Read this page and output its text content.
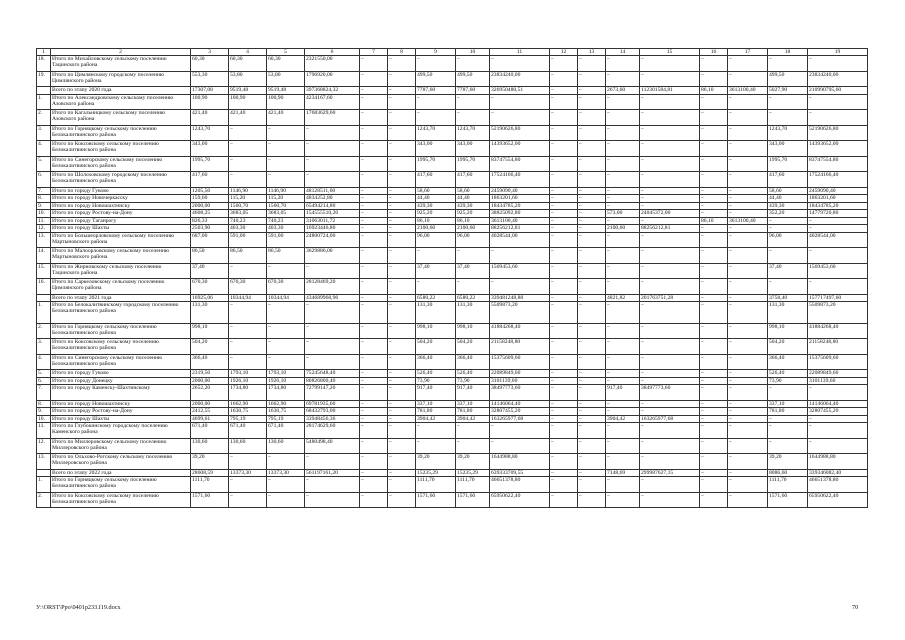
1	2	3	4	5	6	7	8	9	10	11	12	13	14	15	16	17	18	19
18.	Итого по Михайловскому сельскому поселению Тацинского района	60,30	60,30	60,30	2321550,00	–	–	–	–	–	–	–	–	–	–	–	–	–
19.	Итого по Цимлянскому городскому поселению Цимлянского района	553,30	53,80	53,80	1796920,00	–	–	499,50	499,50	23834240,00	–	–	–	–	–	–	499,50	23834240,00
	Всего по этапу 2020 года	17307,08	9519,48	9519,48	397368824,32	–	–	7787,60	7787,60	326950480,51	–	–	2673,60	112301584,81	86,10	3613100,40	5027,90	210990795,60
1.	Итого по Александровскому сельскому поселению Азовского района	100,90	100,90	100,90	4234167,60	–	–	–	–	–	–	–	–	–	–	–	–	–
2.	Итого по Кагальницкому сельскому поселению Азовского района	421,40	421,40	421,40	17683629,60	–	–	–	–	–	–	–	–	–	–	–	–	–
3.	Итого по Горняцкому сельскому поселению Белокалитвинского района	1243,70	–	–	–	–	–	1243,70	1243,70	52190626,80	–	–	–	–	–	–	1243,70	52190626,80
4.	Итого по Коксовскому сельскому поселению Белокалитвинского района	343,00	–	–	–	–	–	343,00	343,00	14393652,00	–	–	–	–	–	–	343,00	14393652,00
5.	Итого по Синегорскому сельскому поселению Белокалитвинского района	1995,70	–	–	–	–	–	1995,70	1995,70	83747554,80	–	–	–	–	–	–	1995,70	83747554,80
6.	Итого по Шолоховскому городскому поселению Белокалитвинского района	417,60	–	–	–	–	–	417,60	417,60	17524166,40	–	–	–	–	–	–	417,60	17524166,40
7.	Итого по городу Гуково	1205,50	1146,90	1146,90	48128511,60	–	–	58,60	58,60	2459090,40	–	–	–	–	–	–	58,60	2459090,40
8.	Итого по городу Новочеркасску	159,60	115,20	115,20	4834252,80	–	–	44,40	44,40	1863201,60	–	–	–	–	–	–	44,40	1863201,60
9.	Итого по городу Новошахтинску	2000,00	1560,70	1560,70	65494214,80	–	–	439,30	439,30	18434785,20	–	–	–	–	–	–	439,30	18434785,20
10.	Итого по городу Ростову-на-Дону	4608,25	3683,05	3683,05	154555510,20	–	–	925,20	925,20	38825092,80	–	–	573,00	24045372,00	–	–	352,20	14779720,80
11.	Итого по городу Таганрогу	826,33	740,23	740,23	31063011,72	–	–	86,10	86,10	3613100,40	–	–	–	–	86,10	3613100,40	–	–
12.	Итого по городу Шахты	2503,90	403,30	403,30	16923446,80	–	–	2100,60	2100,60	88256212,81	–	–	2100,60	88256212,81	–	–	–	–
13.	Итого по Большеорловскому сельскому поселению Мартыновского района	687,00	591,00	591,00	24800724,00	–	–	96,00	96,00	4028544,00	–	–	–	–	–	–	96,00	4028544,00
14.	Итого по Малоорловскому сельскому поселению Мартыновского района	86,50	86,50	86,50	3629886,00	–	–	–	–	–	–	–	–	–	–	–	–	–
15.	Итого по Жирновскому сельскому поселению Тацинского района	37,40	–	–	–	–	–	37,40	37,40	1569453,60	–	–	–	–	–	–	37,40	1569453,60
16.	Итого по Саркеловскому сельскому поселению Цимлянского района	670,30	670,30	670,30	28128469,20	–	–	–	–	–	–	–	–	–	–	–	–	–
	Всего по этапу 2021 года	16925,06	10344,94	10344,94	434689968,96	–	–	6580,22	6580,22	339481248,88	–	–	4821,82	201763751,28	–	–	3758,40	157717497,60
1.	Итого по Белокалитвинскому городскому поселению Белокалитвинского района	131,30	–	–	–	–	–	131,30	131,30	5509873,20	–	–	–	–	–	–	131,30	5509873,20
2.	Итого по Горняцкому сельскому поселению Белокалитвинского района	998,10	–	–	–	–	–	998,10	998,10	41884268,40	–	–	–	–	–	–	998,10	41884268,40
3.	Итого по Коксовскому сельскому поселению Белокалитвинского района	504,20	–	–	–	–	–	504,20	504,20	21158248,80	–	–	–	–	–	–	504,20	21158248,80
4.	Итого по Синегорскому сельскому поселению Белокалитвинского района	366,40	–	–	–	–	–	366,40	366,40	15375609,60	–	–	–	–	–	–	366,40	15375609,60
5.	Итого по городу Гуково	2319,50	1793,10	1793,10	75245648,40	–	–	526,40	526,40	22089849,60	–	–	–	–	–	–	526,40	22089849,60
6.	Итого по городу Донецку	2000,00	1926,10	1926,10	80826800,40	–	–	73,90	73,90	3101139,60	–	–	–	–	–	–	73,90	3101139,60
7.	Итого по городу Каменску-Шахтинскому	2652,20	1734,80	1734,80	72799147,20	–	–	917,40	917,40	38497773,60	–	–	917,40	38497773,60	–	–	–	–
8.	Итого по городу Новошахтинску	2000,00	1662,90	1662,90	69781935,60	–	–	337,10	337,10	14146064,40	–	–	–	–	–	–	337,10	14146064,40
9.	Итого по городу Ростову-на-Дону	2412,55	1630,75	1630,75	68432793,00	–	–	781,80	781,80	32807455,20	–	–	–	–	–	–	781,80	32807455,20
10.	Итого по городу Шахты	4699,61	795,19	795,19	33948456,36	–	–	3904,42	3904,42	163265977,68	–	–	3904,42	163265977,68	–	–	–	–
11.	Итого по Глубокинскому городскому поселению Каменского района	671,40	671,40	671,40	28174629,60	–	–	–	–	–	–	–	–	–	–	–	–	–
12.	Итого по Миллеровскому сельскому поселению Миллеровского района	130,60	130,60	130,60	5480498,40	–	–	–	–	–	–	–	–	–	–	–	–	–
13.	Итого по Ольхово-Рогскому сельскому поселению Миллеровского района	39,20	–	–	–	–	–	39,20	39,20	1644988,80	–	–	–	–	–	–	39,20	1644988,80
	Всего по этапу 2022 года	28608,59	13373,30	13373,30	561197161,20	–	–	15235,29	15235,29	639333709,55	–	–	7148,69	299987627,15	–	–	8086,60	339346082,40
1.	Итого по Горняцкому сельскому поселению Белокалитвинского района	1111,70	–	–	–	–	–	1111,70	1111,70	46651378,80	–	–	–	–	–	–	1111,70	46651378,80
2.	Итого по Коксовскому сельскому поселению Белокалитвинского района	1571,60	–	–	–	–	–	1571,60	1571,60	65950622,40	–	–	–	–	–	–	1571,60	65950622,40
У:\ORST\Ppo\0401p233.f19.docx	70
